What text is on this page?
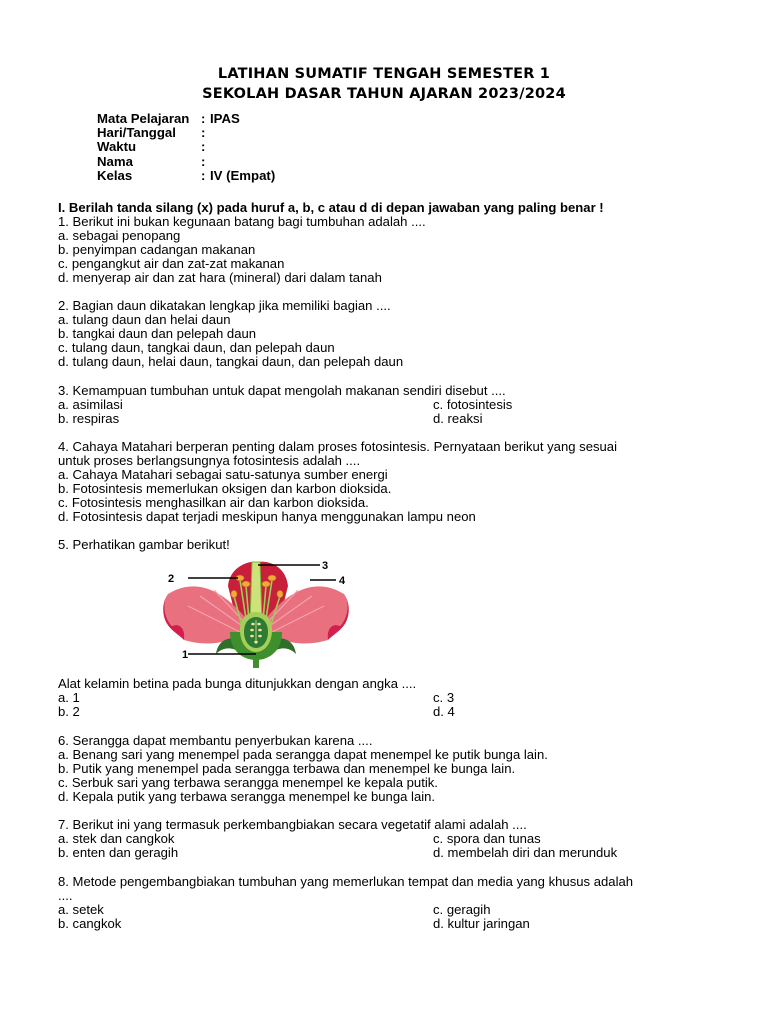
LATIHAN SUMATIF TENGAH SEMESTER 1
SEKOLAH DASAR TAHUN AJARAN 2023/2024
Mata Pelajaran : IPAS
Hari/Tanggal :
Waktu	:
Nama	:
Kelas	: IV (Empat)
I. Berilah tanda silang (x) pada huruf a, b, c atau d di depan jawaban yang paling benar !
1. Berikut ini bukan kegunaan batang bagi tumbuhan adalah ....
a. sebagai penopang
b. penyimpan cadangan makanan
c. pengangkut air dan zat-zat makanan
d. menyerap air dan zat hara (mineral) dari dalam tanah
2. Bagian daun dikatakan lengkap jika memiliki bagian ....
a. tulang daun dan helai daun
b. tangkai daun dan pelepah daun
c. tulang daun, tangkai daun, dan pelepah daun
d. tulang daun, helai daun, tangkai daun, dan pelepah daun
3. Kemampuan tumbuhan untuk dapat mengolah makanan sendiri disebut ....
a. asimilasi
b. respiras
c. fotosintesis
d. reaksi
4. Cahaya Matahari berperan penting dalam proses fotosintesis. Pernyataan berikut yang sesuai
untuk proses berlangsungnya fotosintesis adalah ....
a. Cahaya Matahari sebagai satu-satunya sumber energi
b. Fotosintesis memerlukan oksigen dan karbon dioksida.
c. Fotosintesis menghasilkan air dan karbon dioksida.
d. Fotosintesis dapat terjadi meskipun hanya menggunakan lampu neon
5. Perhatikan gambar berikut!
2
3
4
1
Alat kelamin betina pada bunga ditunjukkan dengan angka ....
a. 1
b. 2
c. 3
d. 4
6. Serangga dapat membantu penyerbukan karena ....
a. Benang sari yang menempel pada serangga dapat menempel ke putik bunga lain.
b. Putik yang menempel pada serangga terbawa dan menempel ke bunga lain.
c. Serbuk sari yang terbawa serangga menempel ke kepala putik.
d. Kepala putik yang terbawa serangga menempel ke bunga lain.
7. Berikut ini yang termasuk perkembangbiakan secara vegetatif alami adalah ....
a. stek dan cangkok
b. enten dan geragih
c. spora dan tunas
d. membelah diri dan merunduk
8. Metode pengembangbiakan tumbuhan yang memerlukan tempat dan media yang khusus adalah
....
a. setek
b. cangkok
c. geragih
d. kultur jaringan
